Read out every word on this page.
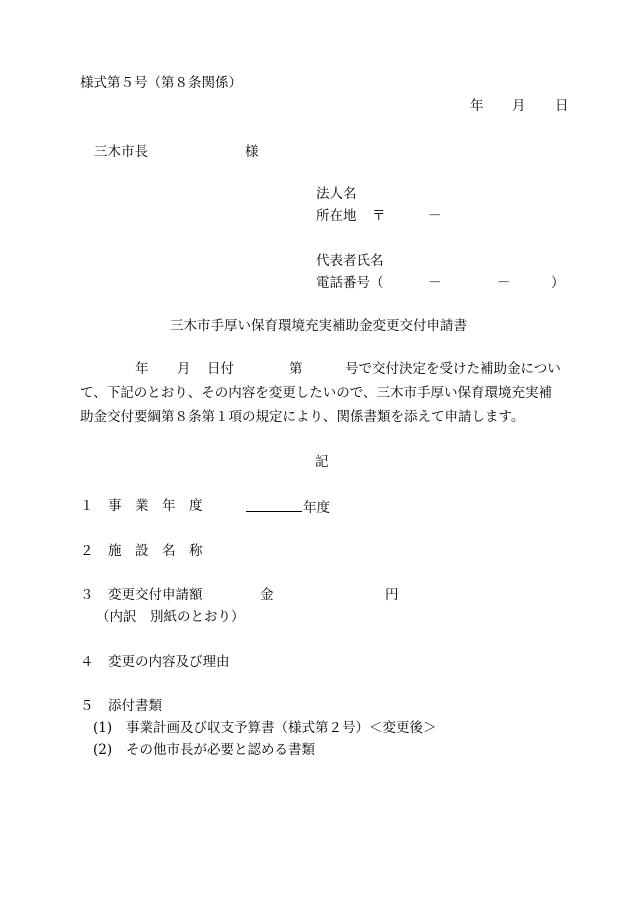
様式第５号（第８条関係）
年 月 日
三木市長	様
法人名
所在地 〒	－
代表者氏名
電話番号（	－	－	）
三木市手厚い保育環境充実補助金変更交付申請書
年 月 日付	第	号で交付決定を受けた補助金につい
て、下記のとおり、その内容を変更したいので、三木市手厚い保育環境充実補
助金交付要綱第８条第１項の規定により、関係書類を添えて申請します。
記
１ 事　業　年　度	年度
２ 施　設　名　称
３ 変更交付申請額	金	円
（内訳　別紙のとおり）
４ 変更の内容及び理由
５ 添付書類
(1) 事業計画及び収支予算書（様式第２号）＜変更後＞
(2) その他市長が必要と認める書類
